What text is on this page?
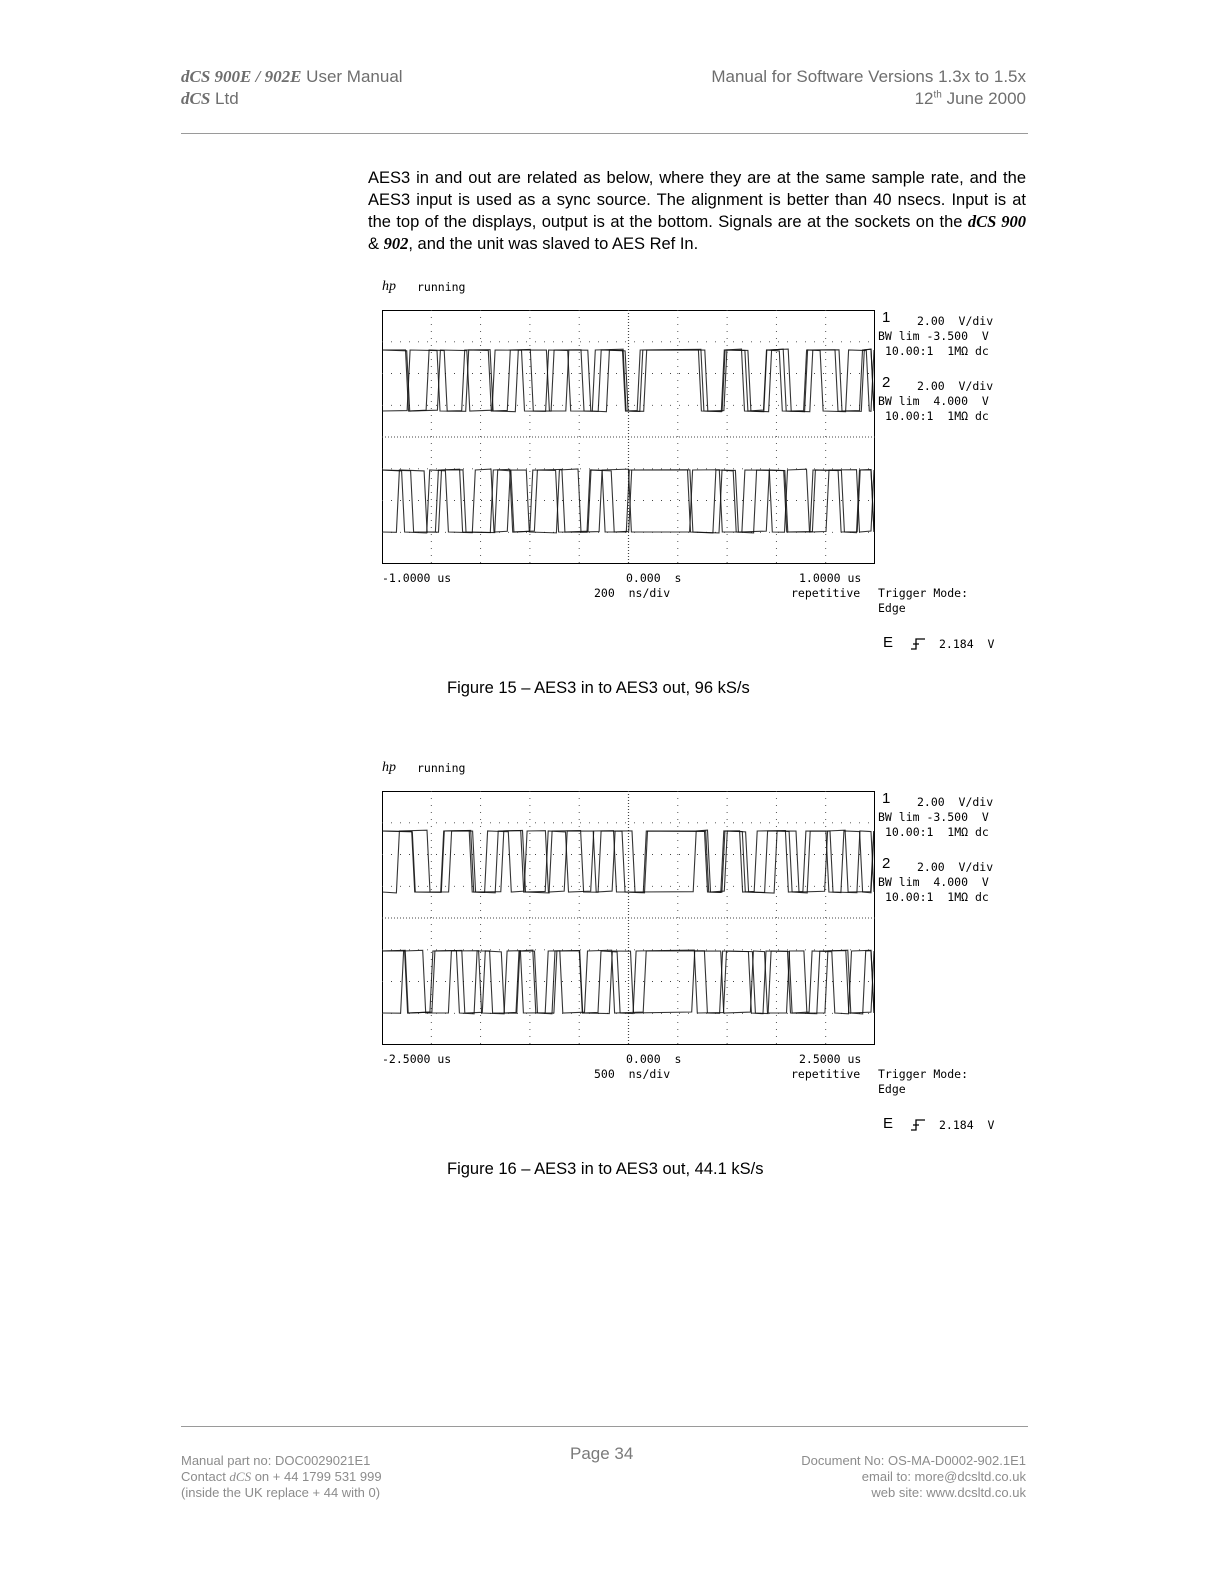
dCS 900E / 902E User Manual
dCS Ltd
Manual for Software Versions 1.3x to 1.5x
12th June 2000

AES3 in and out are related as below, where they are at the same sample rate, and the AES3 input is used as a sync source. The alignment is better than 40 nsecs. Input is at the top of the displays, output is at the bottom. Signals are at the sockets on the dCS 900 & 902, and the unit was slaved to AES Ref In.

hp running
1 2.00  V/div
BW lim -3.500  V
10.00:1  1MΩ dc
2 2.00  V/div
BW lim  4.000  V
10.00:1  1MΩ dc
-1.0000 us	0.000  s	1.0000 us
200  ns/div	repetitive Trigger Mode:
Edge
E	2.184  V
Figure 15 – AES3 in to AES3 out, 96 kS/s
hp running
1 2.00  V/div
BW lim -3.500  V
10.00:1  1MΩ dc
2 2.00  V/div
BW lim  4.000  V
10.00:1  1MΩ dc
-2.5000 us	0.000  s	2.5000 us
500  ns/div	repetitive Trigger Mode:
Edge
E	2.184  V
Figure 16 – AES3 in to AES3 out, 44.1 kS/s
Manual part no: DOC0029021E1
Contact dCS on + 44 1799 531 999
(inside the UK replace + 44 with 0)
Page 34	Document No: OS-MA-D0002-902.1E1
email to: more@dcsltd.co.uk
web site: www.dcsltd.co.uk
